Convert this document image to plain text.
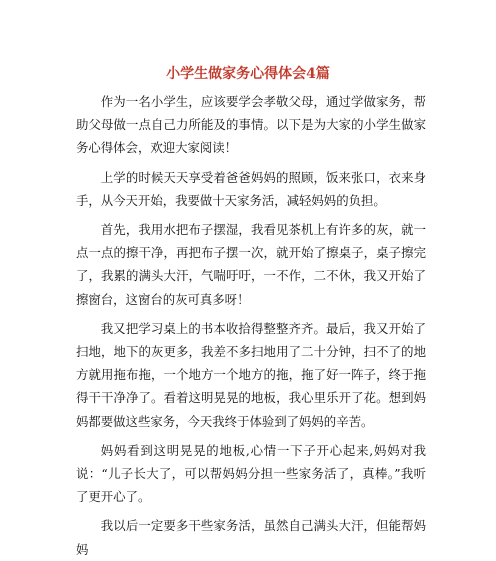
小学生做家务心得体会4篇

作为一名小学生，应该要学会孝敬父母，通过学做家务，帮助父母做一点自己力所能及的事情。以下是为大家的小学生做家务心得体会，欢迎大家阅读！

上学的时候天天享受着爸爸妈妈的照顾，饭来张口，衣来身手，从今天开始，我要做十天家务活，减轻妈妈的负担。

首先，我用水把布子摆湿，我看见茶机上有许多的灰，就一点一点的擦干净，再把布子摆一次，就开始了擦桌子，桌子擦完了，我累的满头大汗，气喘吁吁，一不作，二不休，我又开始了擦窗台，这窗台的灰可真多呀！

我又把学习桌上的书本收拾得整整齐齐。最后，我又开始了扫地，地下的灰更多，我差不多扫地用了二十分钟，扫不了的地方就用拖布拖，一个地方一个地方的拖，拖了好一阵子，终于拖得干干净净了。看着这明晃晃的地板，我心里乐开了花。想到妈妈都要做这些家务，今天我终于体验到了妈妈的辛苦。

妈妈看到这明晃晃的地板,心情一下子开心起来,妈妈对我说：“儿子长大了，可以帮妈妈分担一些家务活了，真棒。”我听了更开心了。

我以后一定要多干些家务活，虽然自己满头大汗，但能帮妈妈
